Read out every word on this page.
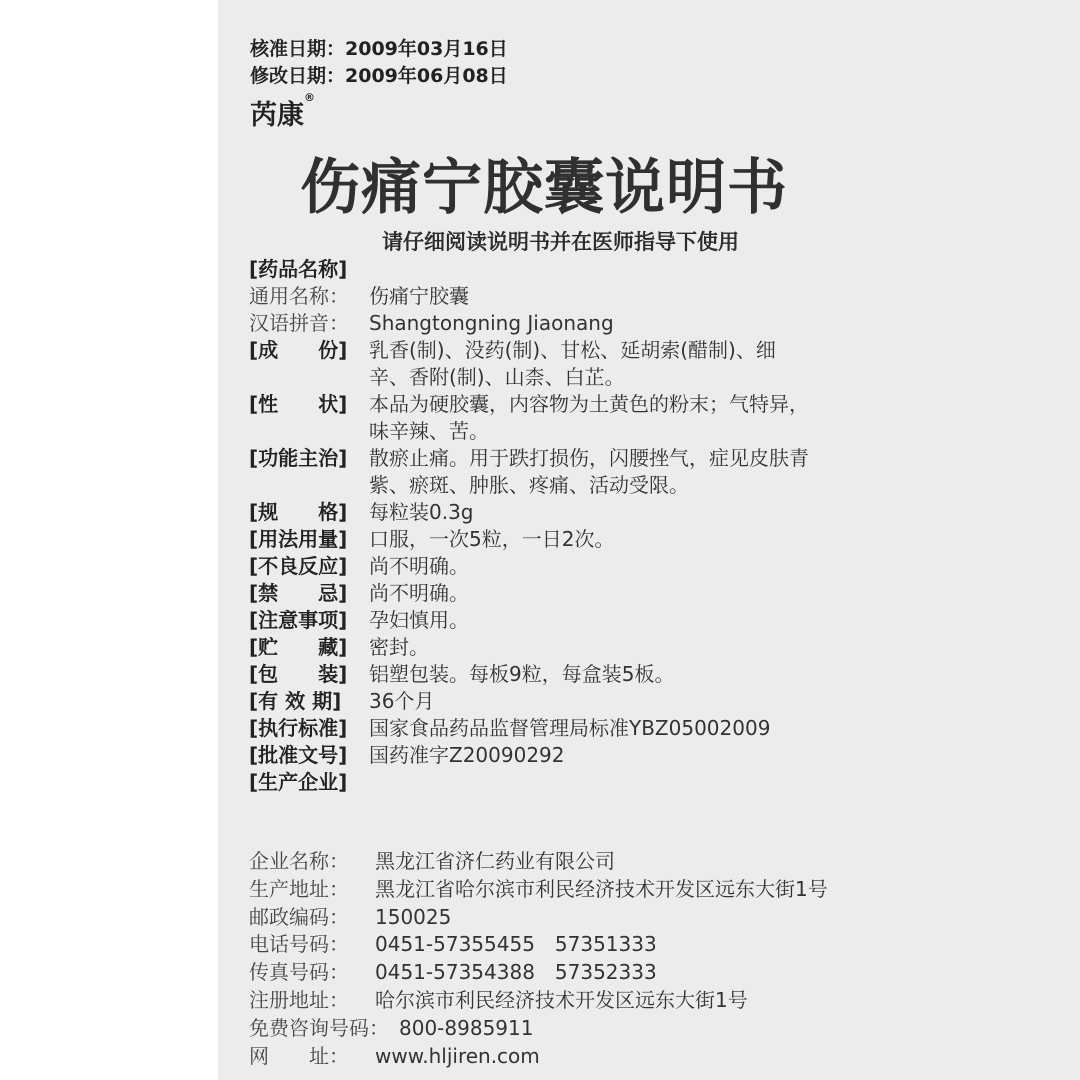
核准日期：2009年03月16日
修改日期：2009年06月08日
芮康®
伤痛宁胶囊说明书
请仔细阅读说明书并在医师指导下使用
[药品名称]
通用名称：	伤痛宁胶囊
汉语拼音：	Shangtongning Jiaonang
[成　　份]	乳香(制)、没药(制)、甘松、延胡索(醋制)、细
辛、香附(制)、山柰、白芷。
[性　　状]	本品为硬胶囊，内容物为土黄色的粉末；气特异，
味辛辣、苦。
[功能主治]	散瘀止痛。用于跌打损伤，闪腰挫气，症见皮肤青
紫、瘀斑、肿胀、疼痛、活动受限。
[规　　格]	每粒装0.3g
[用法用量]	口服，一次5粒，一日2次。
[不良反应]	尚不明确。
[禁　　忌]	尚不明确。
[注意事项]	孕妇慎用。
[贮　　藏]	密封。
[包　　装]	铝塑包装。每板9粒，每盒装5板。
[有 效 期]	36个月
[执行标准]	国家食品药品监督管理局标准YBZ05002009
[批准文号]	国药准字Z20090292
[生产企业]
企业名称：	黑龙江省济仁药业有限公司
生产地址：	黑龙江省哈尔滨市利民经济技术开发区远东大街1号
邮政编码：	150025
电话号码：	0451-57355455　57351333
传真号码：	0451-57354388　57352333
注册地址：	哈尔滨市利民经济技术开发区远东大街1号
免费咨询号码： 800-8985911
网　　址：	www.hljiren.com
